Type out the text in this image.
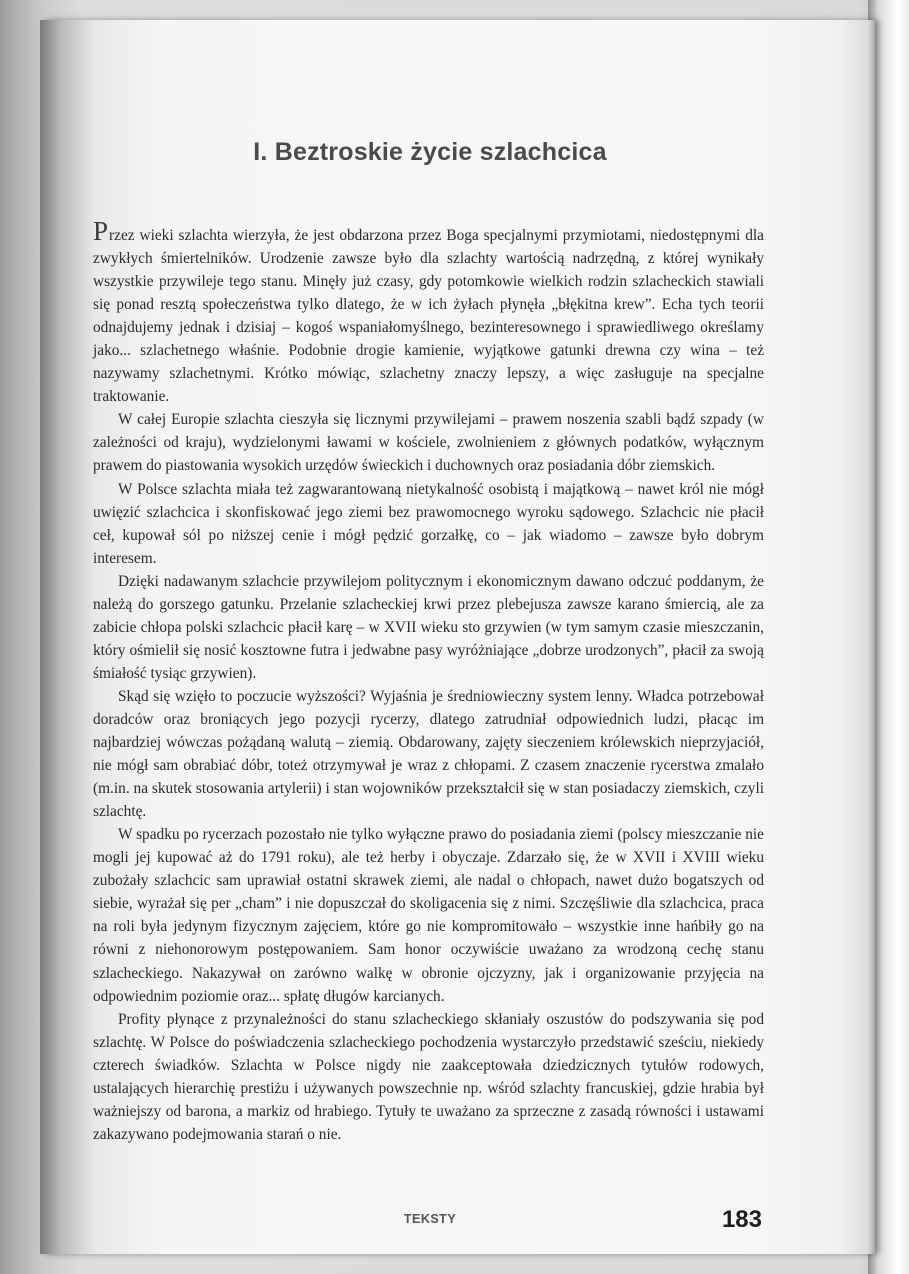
I. Beztroskie życie szlachcica

Przez wieki szlachta wierzyła, że jest obdarzona przez Boga specjalnymi przymiotami, niedostępnymi dla zwykłych śmiertelników. Urodzenie zawsze było dla szlachty wartością nadrzędną, z której wynikały wszystkie przywileje tego stanu. Minęły już czasy, gdy potomkowie wielkich rodzin szlacheckich stawiali się ponad resztą społeczeństwa tylko dlatego, że w ich żyłach płynęła „błękitna krew”. Echa tych teorii odnajdujemy jednak i dzisiaj – kogoś wspaniałomyślnego, bezinteresownego i sprawiedliwego określamy jako... szlachetnego właśnie. Podobnie drogie kamienie, wyjątkowe gatunki drewna czy wina – też nazywamy szlachetnymi. Krótko mówiąc, szlachetny znaczy lepszy, a więc zasługuje na specjalne traktowanie.

W całej Europie szlachta cieszyła się licznymi przywilejami – prawem noszenia szabli bądź szpady (w zależności od kraju), wydzielonymi ławami w kościele, zwolnieniem z głównych podatków, wyłącznym prawem do piastowania wysokich urzędów świeckich i duchownych oraz posiadania dóbr ziemskich.

W Polsce szlachta miała też zagwarantowaną nietykalność osobistą i majątkową – nawet król nie mógł uwięzić szlachcica i skonfiskować jego ziemi bez prawomocnego wyroku sądowego. Szlachcic nie płacił ceł, kupował sól po niższej cenie i mógł pędzić gorzałkę, co – jak wiadomo – zawsze było dobrym interesem.

Dzięki nadawanym szlachcie przywilejom politycznym i ekonomicznym dawano odczuć poddanym, że należą do gorszego gatunku. Przelanie szlacheckiej krwi przez plebejusza zawsze karano śmiercią, ale za zabicie chłopa polski szlachcic płacił karę – w XVII wieku sto grzywien (w tym samym czasie mieszczanin, który ośmielił się nosić kosztowne futra i jedwabne pasy wyróżniające „dobrze urodzonych”, płacił za swoją śmiałość tysiąc grzywien).

Skąd się wzięło to poczucie wyższości? Wyjaśnia je średniowieczny system lenny. Władca potrzebował doradców oraz broniących jego pozycji rycerzy, dlatego zatrudniał odpowiednich ludzi, płacąc im najbardziej wówczas pożądaną walutą – ziemią. Obdarowany, zajęty sieczeniem królewskich nieprzyjaciół, nie mógł sam obrabiać dóbr, toteż otrzymywał je wraz z chłopami. Z czasem znaczenie rycerstwa zmalało (m.in. na skutek stosowania artylerii) i stan wojowników przekształcił się w stan posiadaczy ziemskich, czyli szlachtę.

W spadku po rycerzach pozostało nie tylko wyłączne prawo do posiadania ziemi (polscy mieszczanie nie mogli jej kupować aż do 1791 roku), ale też herby i obyczaje. Zdarzało się, że w XVII i XVIII wieku zubożały szlachcic sam uprawiał ostatni skrawek ziemi, ale nadal o chłopach, nawet dużo bogatszych od siebie, wyrażał się per „cham” i nie dopuszczał do skoligacenia się z nimi. Szczęśliwie dla szlachcica, praca na roli była jedynym fizycznym zajęciem, które go nie kompromitowało – wszystkie inne hańbiły go na równi z niehonorowym postępowaniem. Sam honor oczywiście uważano za wrodzoną cechę stanu szlacheckiego. Nakazywał on zarówno walkę w obronie ojczyzny, jak i organizowanie przyjęcia na odpowiednim poziomie oraz... spłatę długów karcianych.

Profity płynące z przynależności do stanu szlacheckiego skłaniały oszustów do podszywania się pod szlachtę. W Polsce do poświadczenia szlacheckiego pochodzenia wystarczyło przedstawić sześciu, niekiedy czterech świadków. Szlachta w Polsce nigdy nie zaakceptowała dziedzicznych tytułów rodowych, ustalających hierarchię prestiżu i używanych powszechnie np. wśród szlachty francuskiej, gdzie hrabia był ważniejszy od barona, a markiz od hrabiego. Tytuły te uważano za sprzeczne z zasadą równości i ustawami zakazywano podejmowania starań o nie.

TEKSTY	183
